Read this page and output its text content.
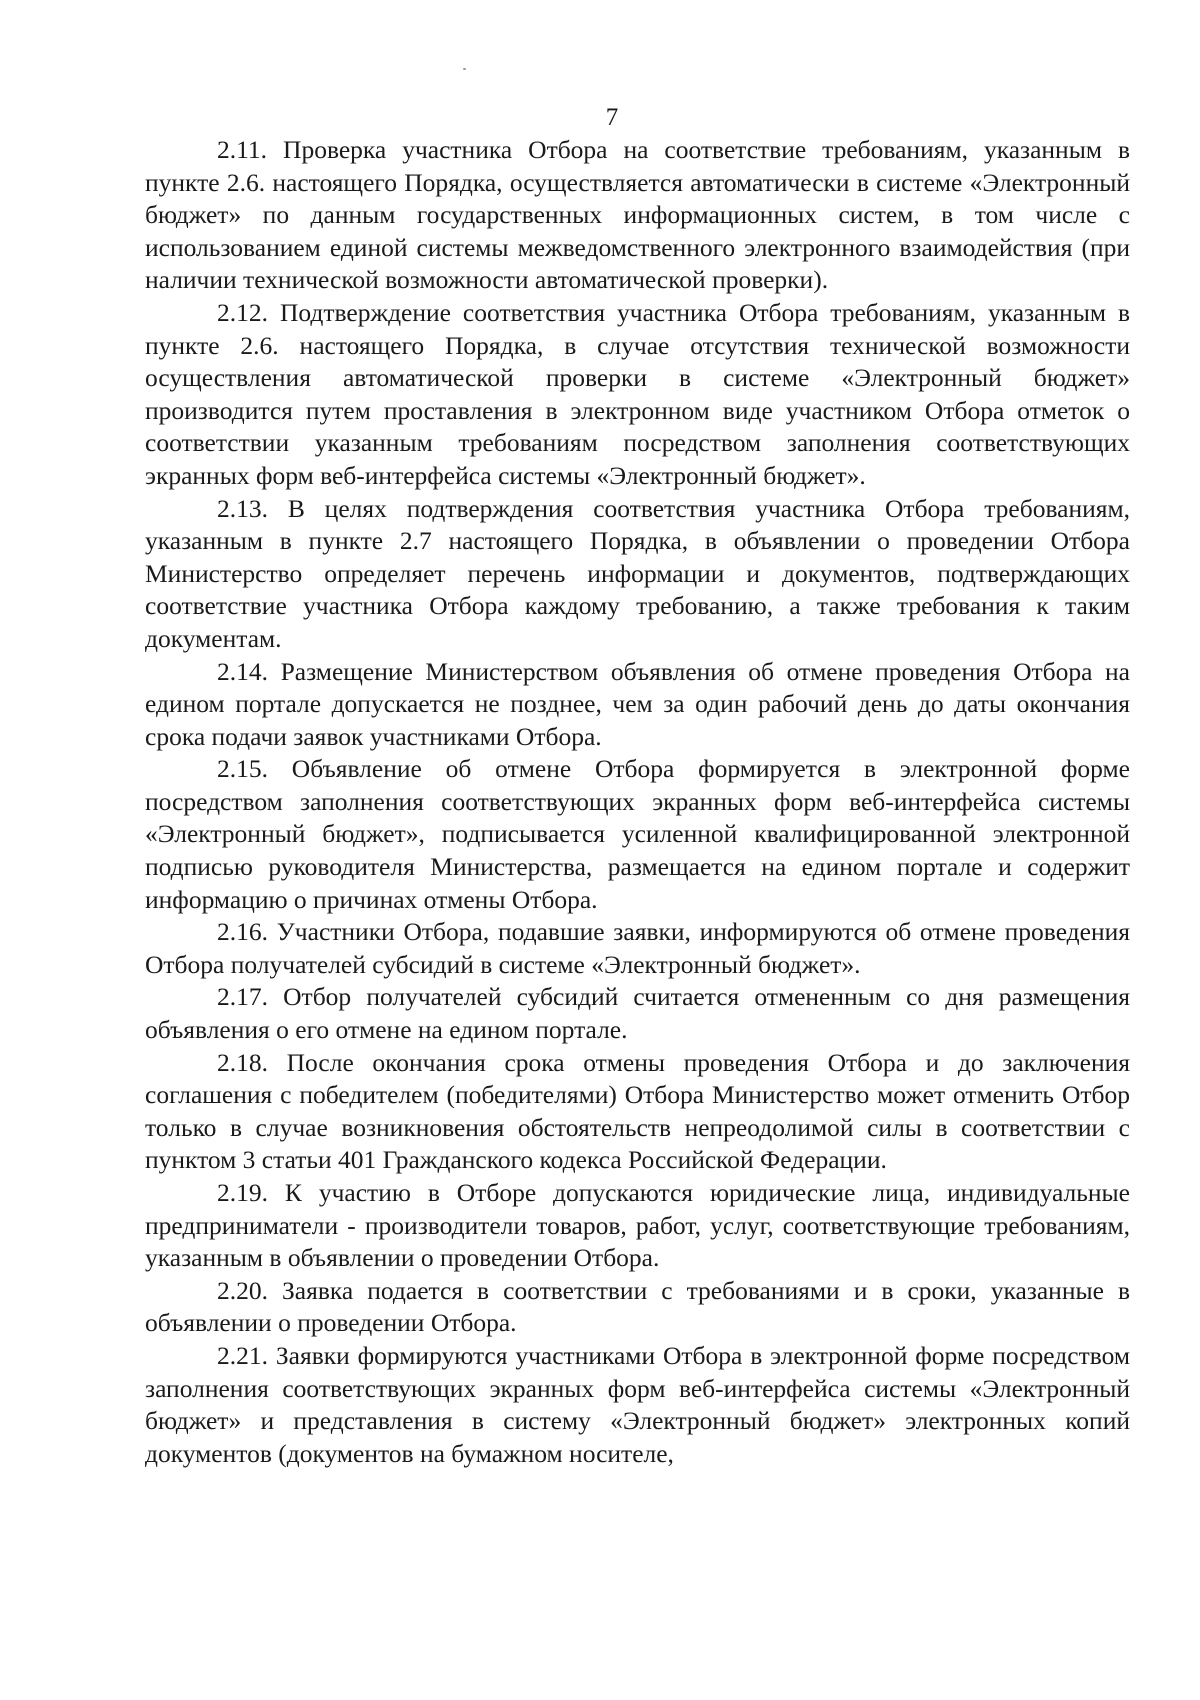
7

2.11. Проверка участника Отбора на соответствие требованиям, указанным в пункте 2.6. настоящего Порядка, осуществляется автоматически в системе «Электронный бюджет» по данным государственных информационных систем, в том числе с использованием единой системы межведомственного электронного взаимодействия (при наличии технической возможности автоматической проверки).

2.12. Подтверждение соответствия участника Отбора требованиям, указанным в пункте 2.6. настоящего Порядка, в случае отсутствия технической возможности осуществления автоматической проверки в системе «Электронный бюджет» производится путем проставления в электронном виде участником Отбора отметок о соответствии указанным требованиям посредством заполнения соответствующих экранных форм веб-интерфейса системы «Электронный бюджет».

2.13. В целях подтверждения соответствия участника Отбора требованиям, указанным в пункте 2.7 настоящего Порядка, в объявлении о проведении Отбора Министерство определяет перечень информации и документов, подтверждающих соответствие участника Отбора каждому требованию, а также требования к таким документам.

2.14. Размещение Министерством объявления об отмене проведения Отбора на едином портале допускается не позднее, чем за один рабочий день до даты окончания срока подачи заявок участниками Отбора.

2.15. Объявление об отмене Отбора формируется в электронной форме посредством заполнения соответствующих экранных форм веб-интерфейса системы «Электронный бюджет», подписывается усиленной квалифицированной электронной подписью руководителя Министерства, размещается на едином портале и содержит информацию о причинах отмены Отбора.

2.16. Участники Отбора, подавшие заявки, информируются об отмене проведения Отбора получателей субсидий в системе «Электронный бюджет».

2.17. Отбор получателей субсидий считается отмененным со дня размещения объявления о его отмене на едином портале.

2.18. После окончания срока отмены проведения Отбора и до заключения соглашения с победителем (победителями) Отбора Министерство может отменить Отбор только в случае возникновения обстоятельств непреодолимой силы в соответствии с пунктом 3 статьи 401 Гражданского кодекса Российской Федерации.

2.19. К участию в Отборе допускаются юридические лица, индивидуальные предприниматели - производители товаров, работ, услуг, соответствующие требованиям, указанным в объявлении о проведении Отбора.

2.20. Заявка подается в соответствии с требованиями и в сроки, указанные в объявлении о проведении Отбора.

2.21. Заявки формируются участниками Отбора в электронной форме посредством заполнения соответствующих экранных форм веб-интерфейса системы «Электронный бюджет» и представления в систему «Электронный бюджет» электронных копий документов (документов на бумажном носителе,
